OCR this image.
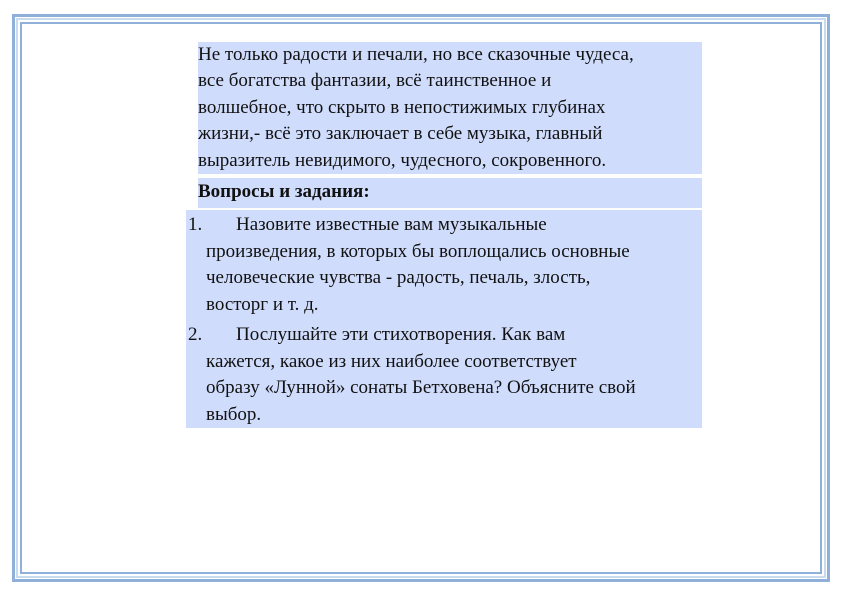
Не только радости и печали, но все сказочные чудеса,
все богатства фантазии, всё таинственное и
волшебное, что скрыто в непостижимых глубинах
жизни,- всё это заключает в себе музыка, главный
выразитель невидимого, чудесного, сокровенного.
Вопросы и задания:
1.	Назовите известные вам музыкальные
произведения, в которых бы воплощались основные
человеческие чувства - радость, печаль, злость,
восторг и т. д.
2.	Послушайте эти стихотворения. Как вам
кажется, какое из них наиболее соответствует
образу «Лунной» сонаты Бетховена? Объясните свой
выбор.
